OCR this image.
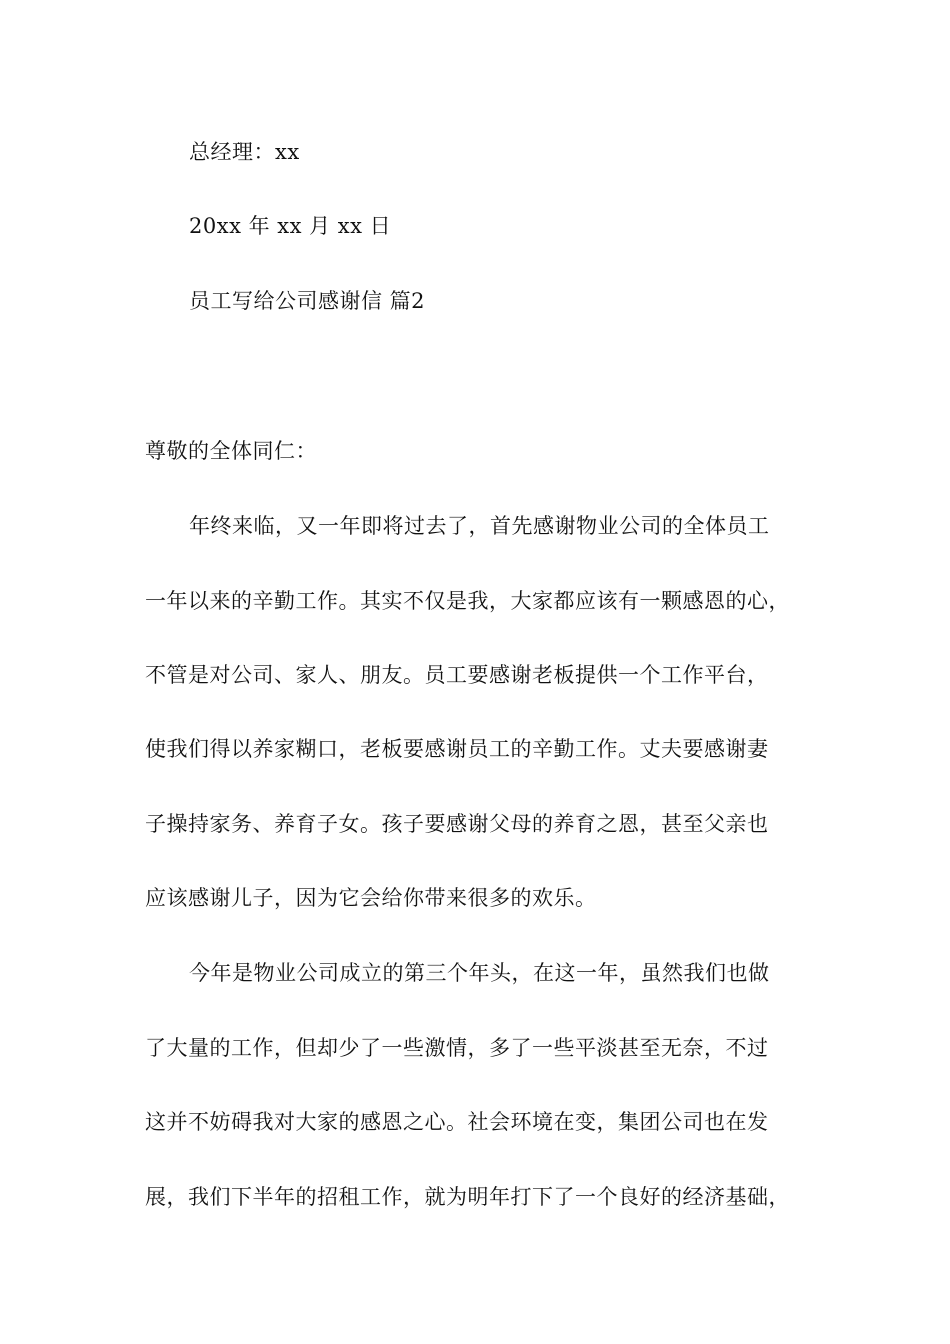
总经理：xx
20xx 年 xx 月 xx 日
员工写给公司感谢信 篇2
尊敬的全体同仁：
年终来临，又一年即将过去了，首先感谢物业公司的全体员工
一年以来的辛勤工作。其实不仅是我，大家都应该有一颗感恩的心，
不管是对公司、家人、朋友。员工要感谢老板提供一个工作平台，
使我们得以养家糊口，老板要感谢员工的辛勤工作。丈夫要感谢妻
子操持家务、养育子女。孩子要感谢父母的养育之恩，甚至父亲也
应该感谢儿子，因为它会给你带来很多的欢乐。
今年是物业公司成立的第三个年头，在这一年，虽然我们也做
了大量的工作，但却少了一些激情，多了一些平淡甚至无奈，不过
这并不妨碍我对大家的感恩之心。社会环境在变，集团公司也在发
展，我们下半年的招租工作，就为明年打下了一个良好的经济基础，
